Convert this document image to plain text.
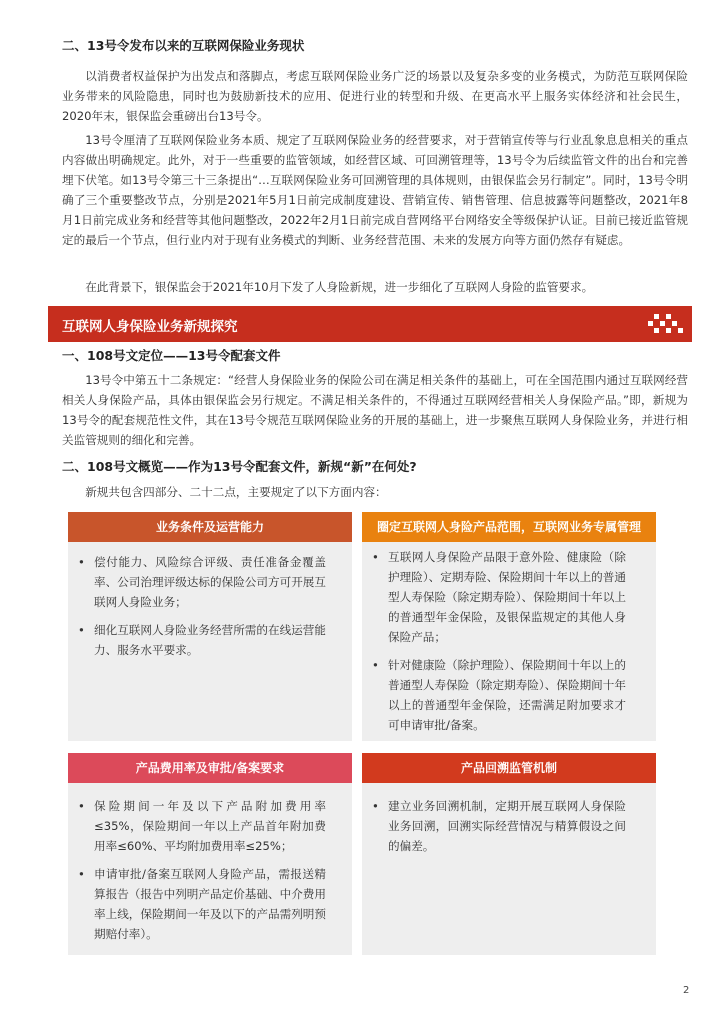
二、13号令发布以来的互联网保险业务现状
以消费者权益保护为出发点和落脚点，考虑互联网保险业务广泛的场景以及复杂多变的业务模式，为防范互联网保险业务带来的风险隐患，同时也为鼓励新技术的应用、促进行业的转型和升级、在更高水平上服务实体经济和社会民生，2020年末，银保监会重磅出台13号令。
13号令厘清了互联网保险业务本质、规定了互联网保险业务的经营要求，对于营销宣传等与行业乱象息息相关的重点内容做出明确规定。此外，对于一些重要的监管领域，如经营区域、可回溯管理等，13号令为后续监管文件的出台和完善埋下伏笔。如13号令第三十三条提出“…互联网保险业务可回溯管理的具体规则，由银保监会另行制定”。同时，13号令明确了三个重要整改节点，分别是2021年5月1日前完成制度建设、营销宣传、销售管理、信息披露等问题整改，2021年8月1日前完成业务和经营等其他问题整改，2022年2月1日前完成自营网络平台网络安全等级保护认证。目前已接近监管规定的最后一个节点，但行业内对于现有业务模式的判断、业务经营范围、未来的发展方向等方面仍然存有疑虑。
在此背景下，银保监会于2021年10月下发了人身险新规，进一步细化了互联网人身险的监管要求。
互联网人身保险业务新规探究
一、108号文定位——13号令配套文件
13号令中第五十二条规定：“经营人身保险业务的保险公司在满足相关条件的基础上，可在全国范围内通过互联网经营相关人身保险产品，具体由银保监会另行规定。不满足相关条件的，不得通过互联网经营相关人身保险产品。”即，新规为13号令的配套规范性文件，其在13号令规范互联网保险业务的开展的基础上，进一步聚焦互联网人身保险业务，并进行相关监管规则的细化和完善。
二、108号文概览——作为13号令配套文件，新规“新”在何处?
新规共包含四部分、二十二点，主要规定了以下方面内容：
业务条件及运营能力
• 偿付能力、风险综合评级、责任准备金覆盖率、公司治理评级达标的保险公司方可开展互联网人身险业务；
• 细化互联网人身险业务经营所需的在线运营能力、服务水平要求。
圈定互联网人身险产品范围，互联网业务专属管理
• 互联网人身保险产品限于意外险、健康险（除护理险）、定期寿险、保险期间十年以上的普通型人寿保险（除定期寿险）、保险期间十年以上的普通型年金保险，及银保监规定的其他人身保险产品；
• 针对健康险（除护理险）、保险期间十年以上的普通型人寿保险（除定期寿险）、保险期间十年以上的普通型年金保险，还需满足附加要求才可申请审批/备案。
产品费用率及审批/备案要求
• 保险期间一年及以下产品附加费用率≤35%，保险期间一年以上产品首年附加费用率≤60%、平均附加费用率≤25%；
• 申请审批/备案互联网人身险产品，需报送精算报告（报告中列明产品定价基础、中介费用率上线，保险期间一年及以下的产品需列明预期赔付率）。
产品回溯监管机制
• 建立业务回溯机制，定期开展互联网人身保险业务回溯，回溯实际经营情况与精算假设之间的偏差。
2
